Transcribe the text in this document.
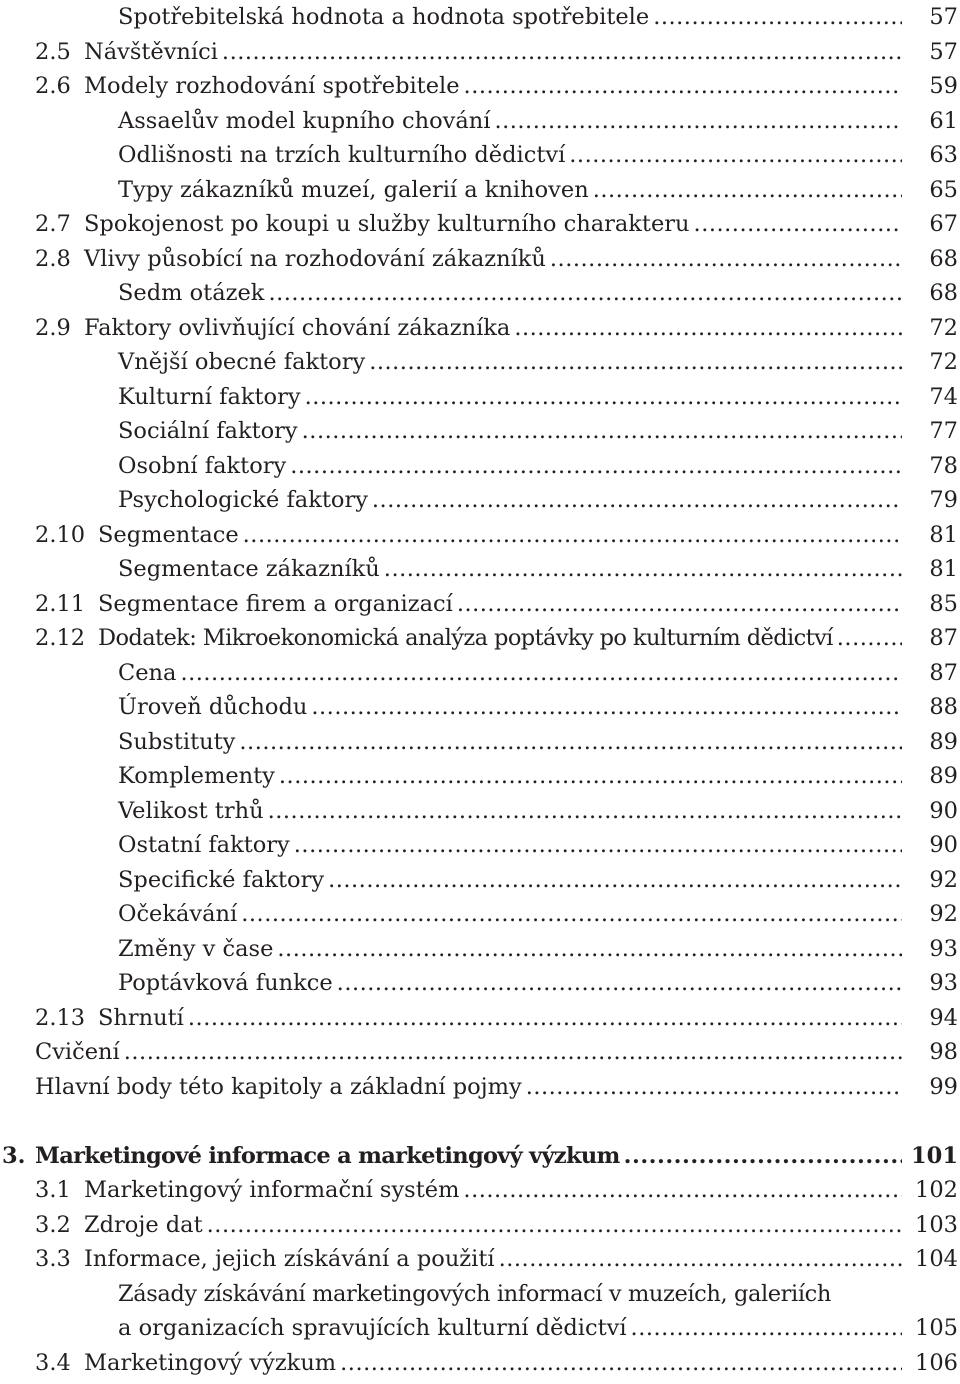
Spotřebitelská hodnota a hodnota spotřebitele .....	57
2.5 Návštěvníci .....	57
2.6 Modely rozhodování spotřebitele .....	59
Assaelův model kupního chování .....	61
Odlišnosti na trzích kulturního dědictví .....	63
Typy zákazníků muzeí, galerií a knihoven .....	65
2.7 Spokojenost po koupi u služby kulturního charakteru .....	67
2.8 Vlivy působící na rozhodování zákazníků .....	68
Sedm otázek .....	68
2.9 Faktory ovlivňující chování zákazníka .....	72
Vnější obecné faktory .....	72
Kulturní faktory .....	74
Sociální faktory .....	77
Osobní faktory .....	78
Psychologické faktory .....	79
2.10 Segmentace .....	81
Segmentace zákazníků .....	81
2.11 Segmentace firem a organizací .....	85
2.12 Dodatek: Mikroekonomická analýza poptávky po kulturním dědictví .....	87
Cena .....	87
Úroveň důchodu .....	88
Substituty .....	89
Komplementy .....	89
Velikost trhů .....	90
Ostatní faktory .....	90
Specifické faktory .....	92
Očekávání .....	92
Změny v čase .....	93
Poptávková funkce .....	93
2.13 Shrnutí .....	94
Cvičení .....	98
Hlavní body této kapitoly a základní pojmy .....	99
3. Marketingové informace a marketingový výzkum .....	101
3.1 Marketingový informační systém .....	102
3.2 Zdroje dat .....	103
3.3 Informace, jejich získávání a použití .....	104
Zásady získávání marketingových informací v muzeích, galeriích
a organizacích spravujících kulturní dědictví .....	105
3.4 Marketingový výzkum .....	106
